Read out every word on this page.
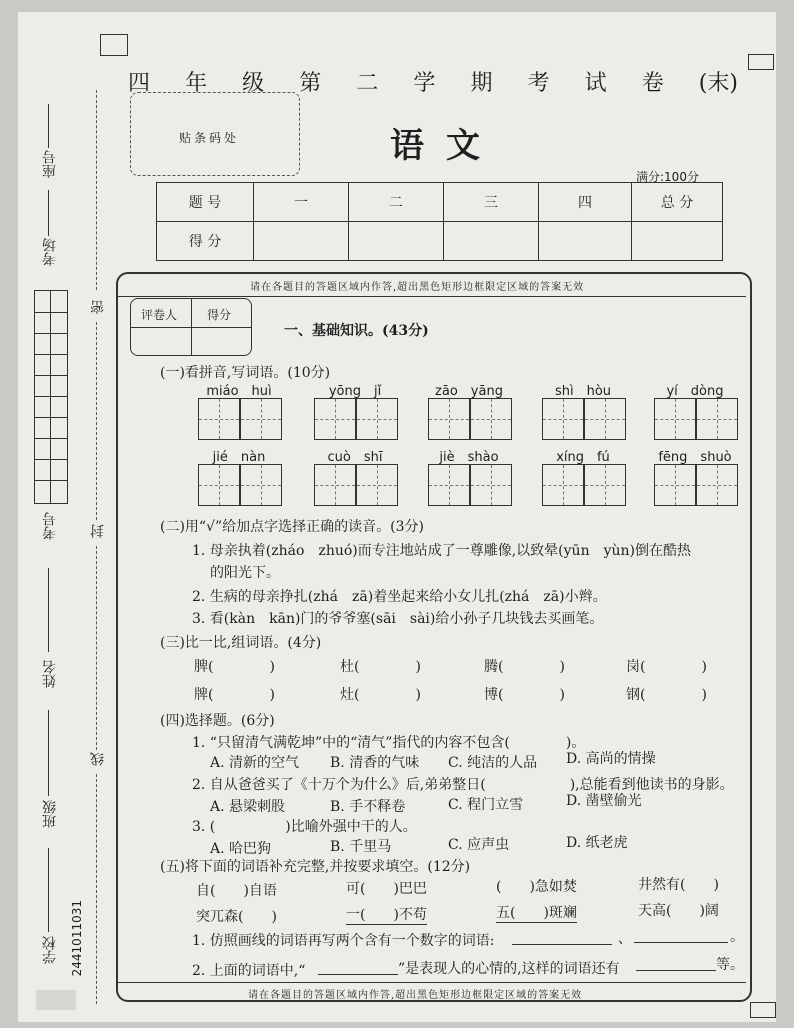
座号
考场
考号
姓名
班级
学校 2441011031
密
封
线
四 年 级 第 二 学 期 考 试 卷 (末)
贴条码处	语文
满分:100分
题 号	一	二	三	四	总 分
得 分					
请在各题目的答题区域内作答,超出黑色矩形边框限定区域的答案无效
请在各题目的答题区域内作答,超出黑色矩形边框限定区域的答案无效
评卷人 得分
一、基础知识。(43分)
(一)看拼音,写词语。(10分)
miáo　huì	yōng　jǐ	zāo　yāng	shì　hòu	yí　dòng
jié　nàn	cuò　shī	jiè　shào	xíng　fú	fēng　shuò
(二)用“√”给加点字选择正确的读音。(3分)
1. 母亲执着(zháo　zhuó)而专注地站成了一尊雕像,以致晕(yūn　yùn)倒在酷热
的阳光下。
2. 生病的母亲挣扎(zhá　zā)着坐起来给小女儿扎(zhá　zā)小辫。
3. 看(kàn　kān)门的爷爷塞(sāi　sài)给小孙子几块钱去买画笔。
(三)比一比,组词语。(4分)
脾(　　　　)	杜(　　　　)	腾(　　　　)	岗(　　　　)
牌(　　　　)	灶(　　　　)	博(　　　　)	钢(　　　　)
(四)选择题。(6分)
1. “只留清气满乾坤”中的“清气”指代的内容不包含(　　　　)。
A. 清新的空气 B. 清香的气味 C. 纯洁的人品 D. 高尚的情操
2. 自从爸爸买了《十万个为什么》后,弟弟整日(　　　　　　),总能看到他读书的身影。
A. 悬梁刺股	B. 手不释卷	C. 程门立雪	D. 凿壁偷光
3. (　　　　　)比喻外强中干的人。
A. 哈巴狗	B. 千里马	C. 应声虫	D. 纸老虎
(五)将下面的词语补充完整,并按要求填空。(12分)
自(　　)自语	可(　　)巴巴	(　　)急如焚	井然有(　　)
突兀森(　　)	一(　　)不苟	五(　　)斑斓	天高(　　)阔
1. 仿照画线的词语再写两个含有一个数字的词语:	、	。
2. 上面的词语中,“	”是表现人的心情的,这样的词语还有	等。
